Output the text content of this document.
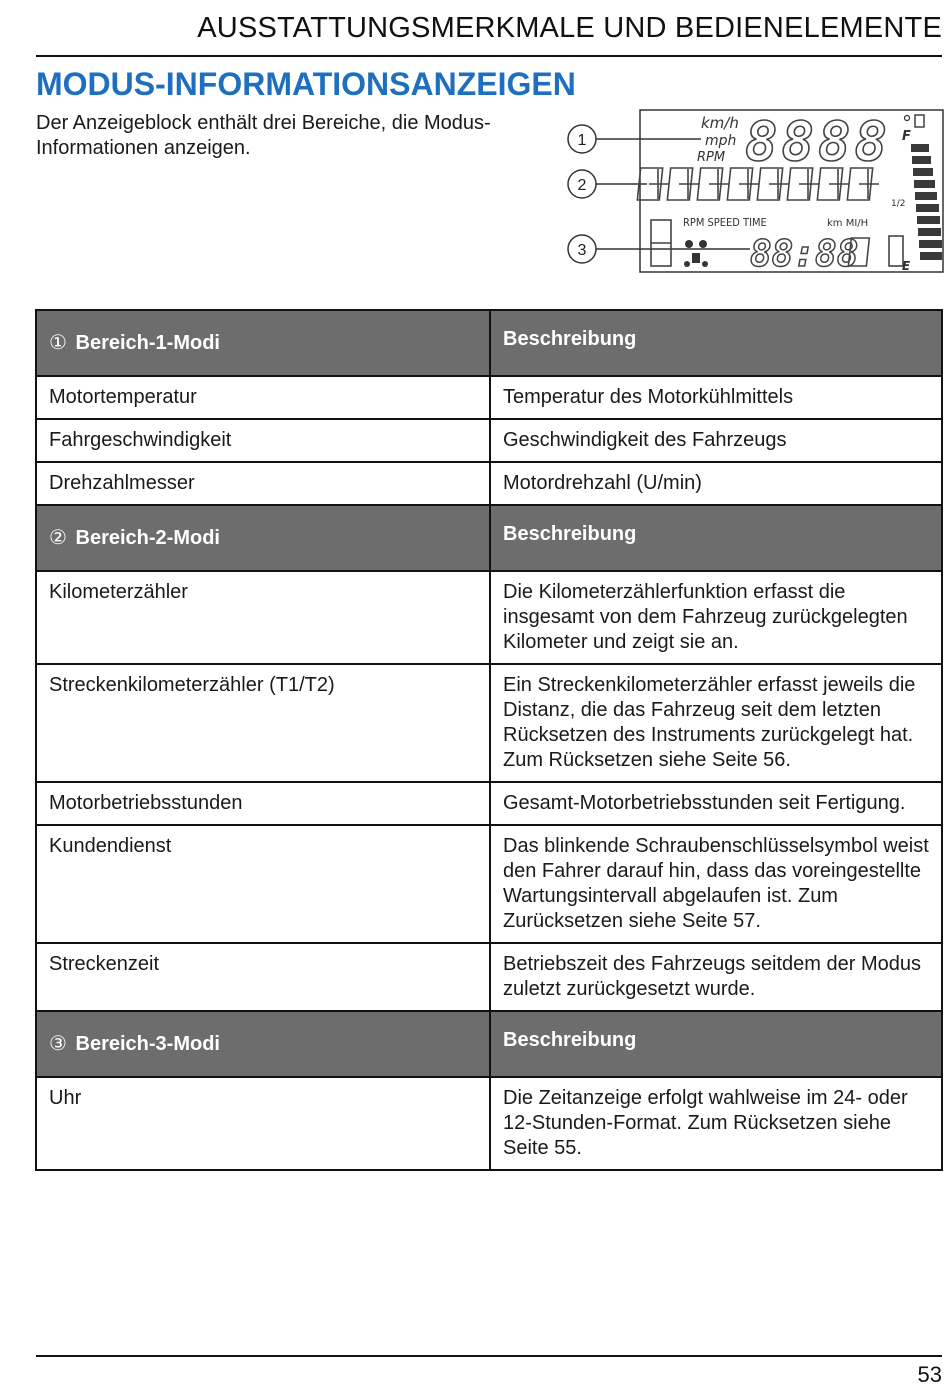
AUSSTATTUNGSMERKMALE UND BEDIENELEMENTE
MODUS-INFORMATIONSANZEIGEN
Der Anzeigeblock enthält drei Bereiche, die Modus-Informationen anzeigen.	1
2
3
km/h
mph
RPM 8888
RPM SPEED TIME	km MI/H
88:88
F
1/2
E
① Bereich-1-Modi	Beschreibung
Motortemperatur	Temperatur des Motorkühlmittels
Fahrgeschwindigkeit	Geschwindigkeit des Fahrzeugs
Drehzahlmesser	Motordrehzahl (U/min)
② Bereich-2-Modi	Beschreibung
Kilometerzähler	Die Kilometerzählerfunktion erfasst die insgesamt von dem Fahrzeug zurückgelegten Kilometer und zeigt sie an.
Streckenkilometerzähler (T1/T2)	Ein Streckenkilometerzähler erfasst jeweils die Distanz, die das Fahrzeug seit dem letzten Rücksetzen des Instruments zurückgelegt hat. Zum Rücksetzen siehe Seite 56.
Motorbetriebsstunden	Gesamt-Motorbetriebsstunden seit Fertigung.
Kundendienst	Das blinkende Schraubenschlüsselsymbol weist den Fahrer darauf hin, dass das voreingestellte Wartungsintervall abgelaufen ist. Zum Zurücksetzen siehe Seite 57.
Streckenzeit	Betriebszeit des Fahrzeugs seitdem der Modus zuletzt zurückgesetzt wurde.
③ Bereich-3-Modi	Beschreibung
Uhr	Die Zeitanzeige erfolgt wahlweise im 24- oder 12-Stunden-Format. Zum Rücksetzen siehe Seite 55.
53
